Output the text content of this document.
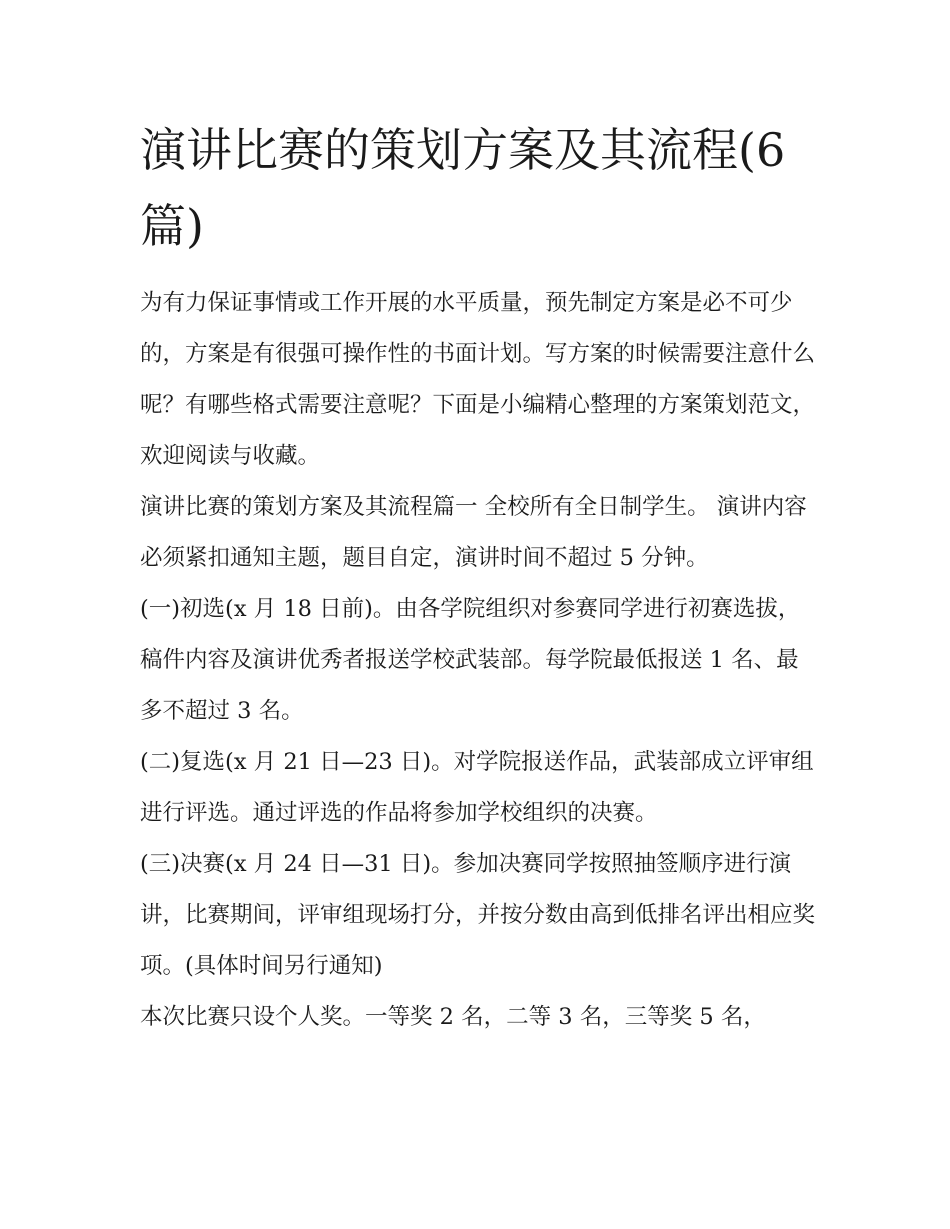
演讲比赛的策划方案及其流程(6篇)

为有力保证事情或工作开展的水平质量，预先制定方案是必不可少的，方案是有很强可操作性的书面计划。写方案的时候需要注意什么呢？有哪些格式需要注意呢？下面是小编精心整理的方案策划范文，欢迎阅读与收藏。

演讲比赛的策划方案及其流程篇一 全校所有全日制学生。 演讲内容必须紧扣通知主题，题目自定，演讲时间不超过 5 分钟。

(一)初选(x 月 18 日前)。由各学院组织对参赛同学进行初赛选拔，稿件内容及演讲优秀者报送学校武装部。每学院最低报送 1 名、最多不超过 3 名。

(二)复选(x 月 21 日—23 日)。对学院报送作品，武装部成立评审组进行评选。通过评选的作品将参加学校组织的决赛。

(三)决赛(x 月 24 日—31 日)。参加决赛同学按照抽签顺序进行演讲，比赛期间，评审组现场打分，并按分数由高到低排名评出相应奖项。(具体时间另行通知)

本次比赛只设个人奖。一等奖 2 名，二等 3 名，三等奖 5 名，
